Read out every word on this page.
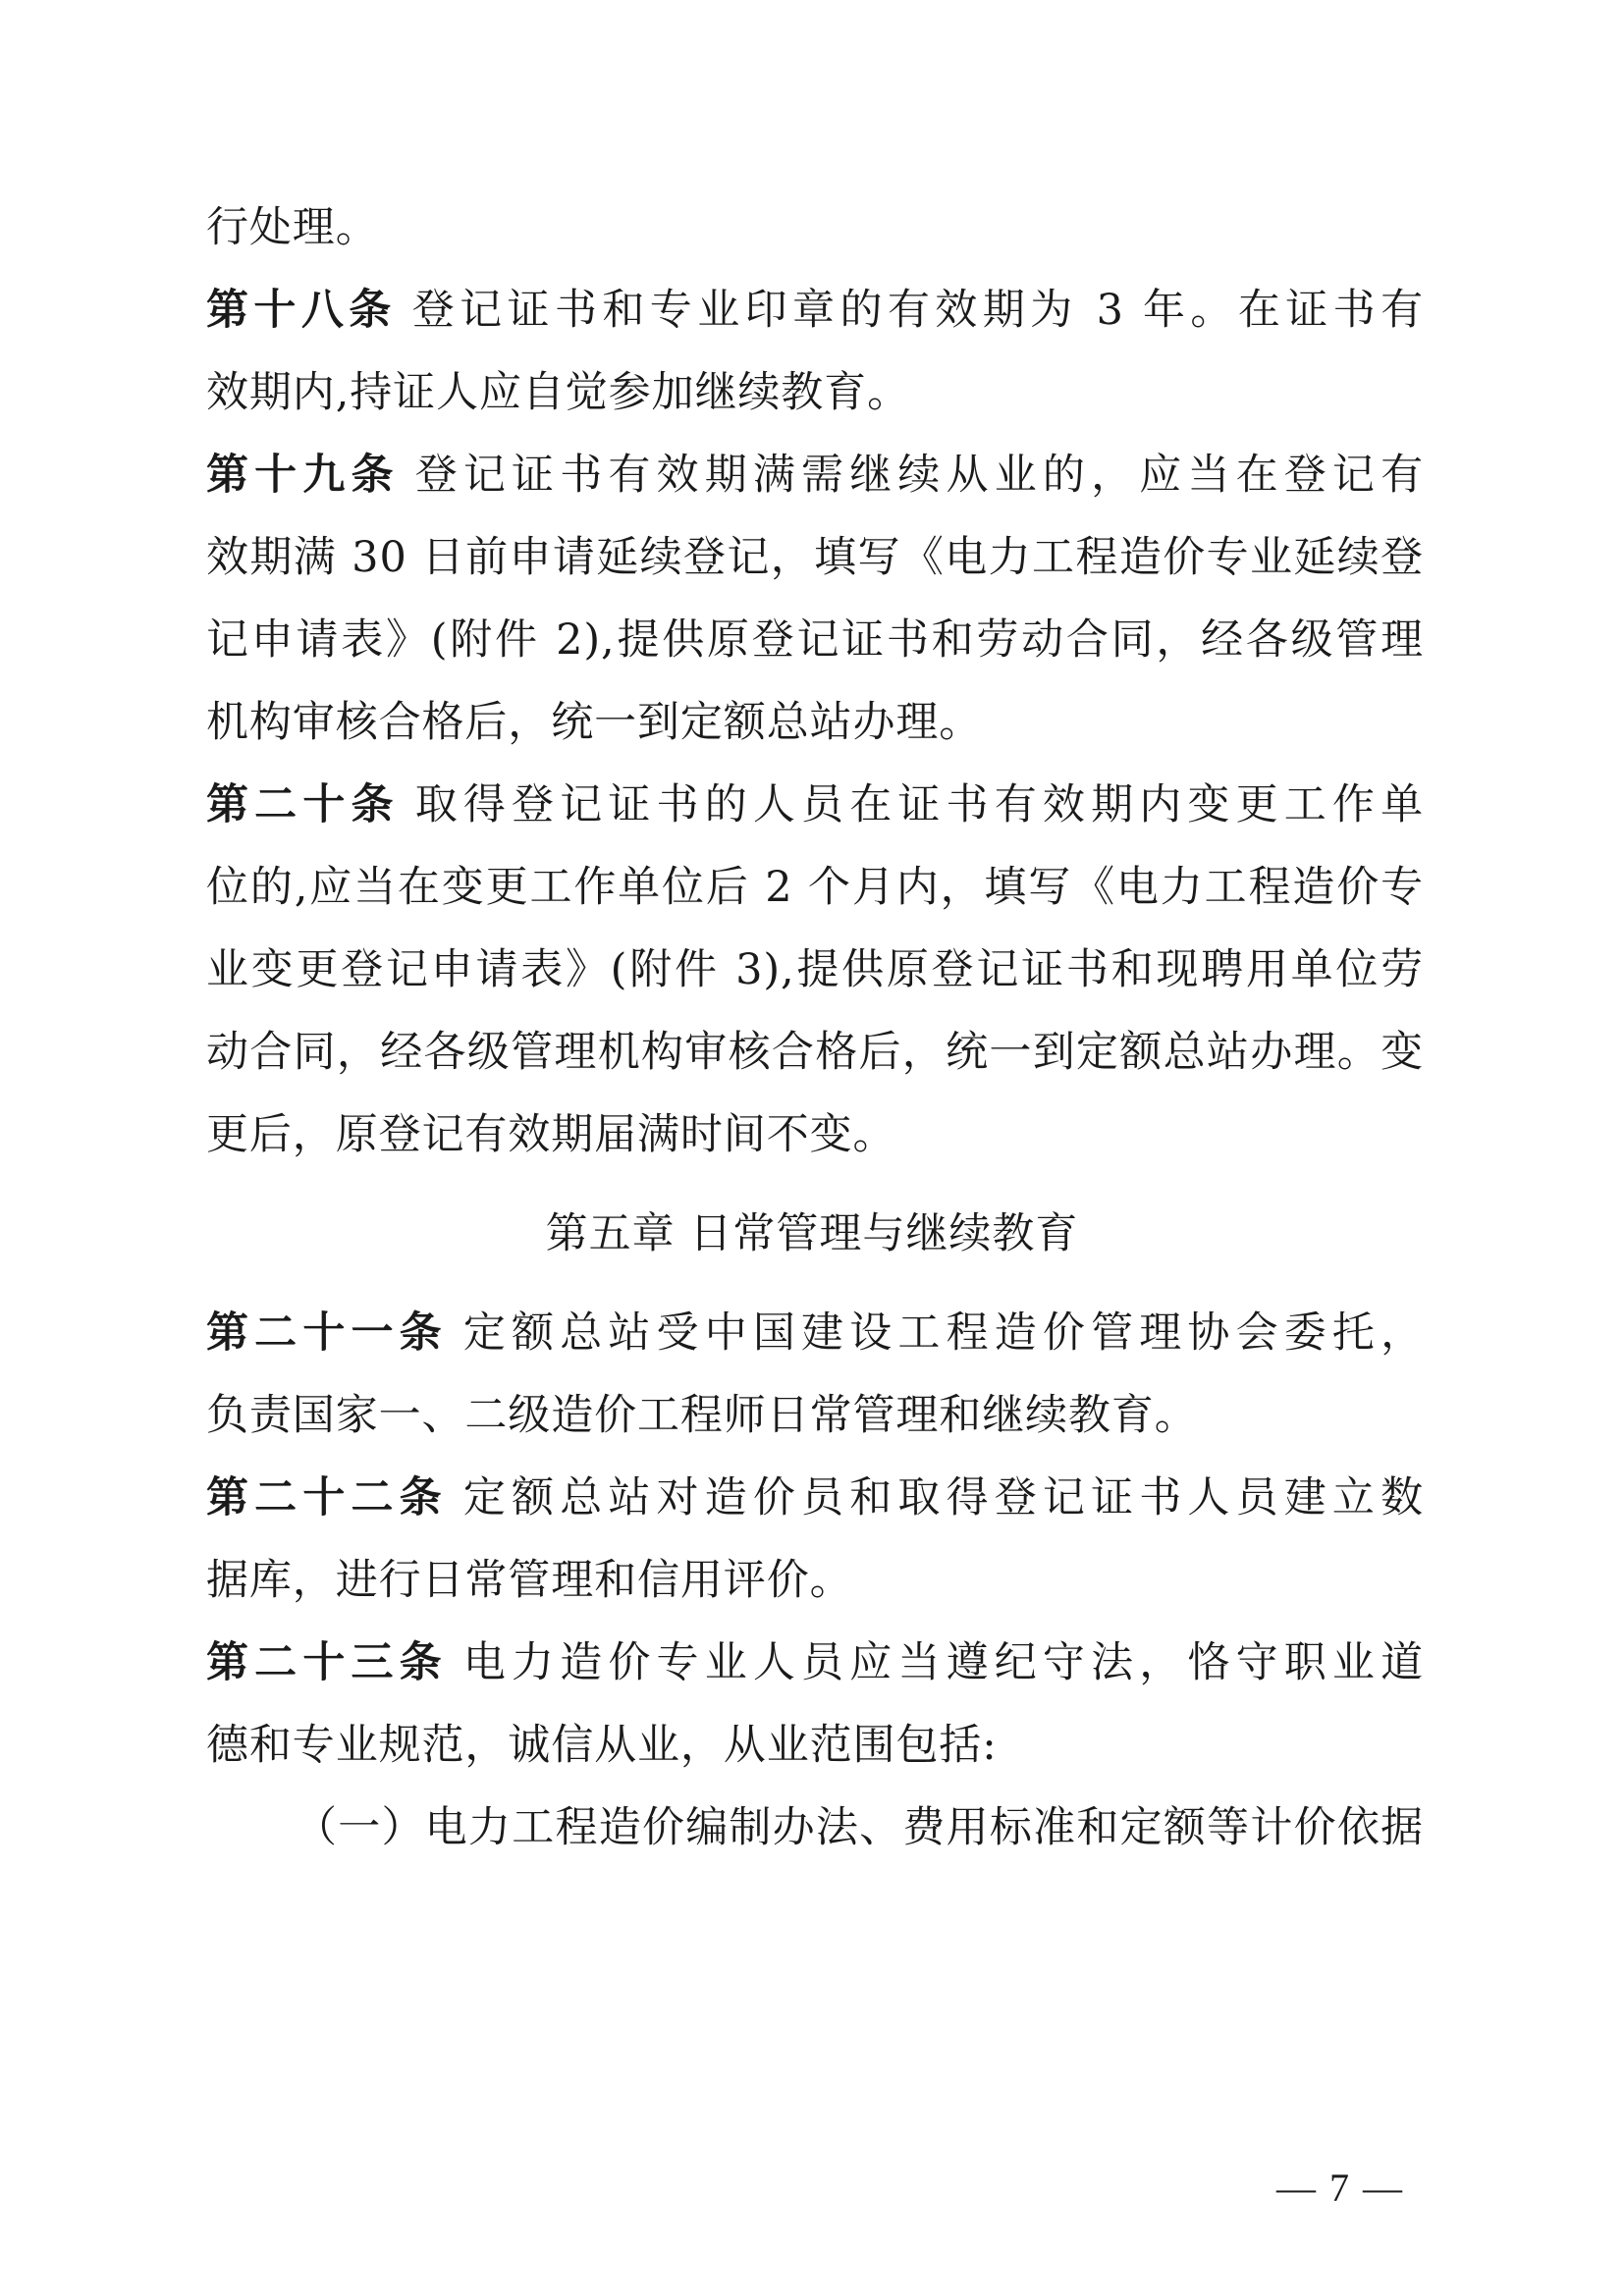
行处理。
第十八条 登记证书和专业印章的有效期为 3 年。在证书有
效期内,持证人应自觉参加继续教育。
第十九条 登记证书有效期满需继续从业的，应当在登记有
效期满 30 日前申请延续登记，填写《电力工程造价专业延续登
记申请表》(附件 2),提供原登记证书和劳动合同，经各级管理
机构审核合格后，统一到定额总站办理。
第二十条 取得登记证书的人员在证书有效期内变更工作单
位的,应当在变更工作单位后 2 个月内，填写《电力工程造价专
业变更登记申请表》(附件 3),提供原登记证书和现聘用单位劳
动合同，经各级管理机构审核合格后，统一到定额总站办理。变
更后，原登记有效期届满时间不变。
第五章 日常管理与继续教育
第二十一条 定额总站受中国建设工程造价管理协会委托，
负责国家一、二级造价工程师日常管理和继续教育。
第二十二条 定额总站对造价员和取得登记证书人员建立数
据库，进行日常管理和信用评价。
第二十三条 电力造价专业人员应当遵纪守法，恪守职业道
德和专业规范，诚信从业，从业范围包括:
（一）电力工程造价编制办法、费用标准和定额等计价依据
— 7 —
